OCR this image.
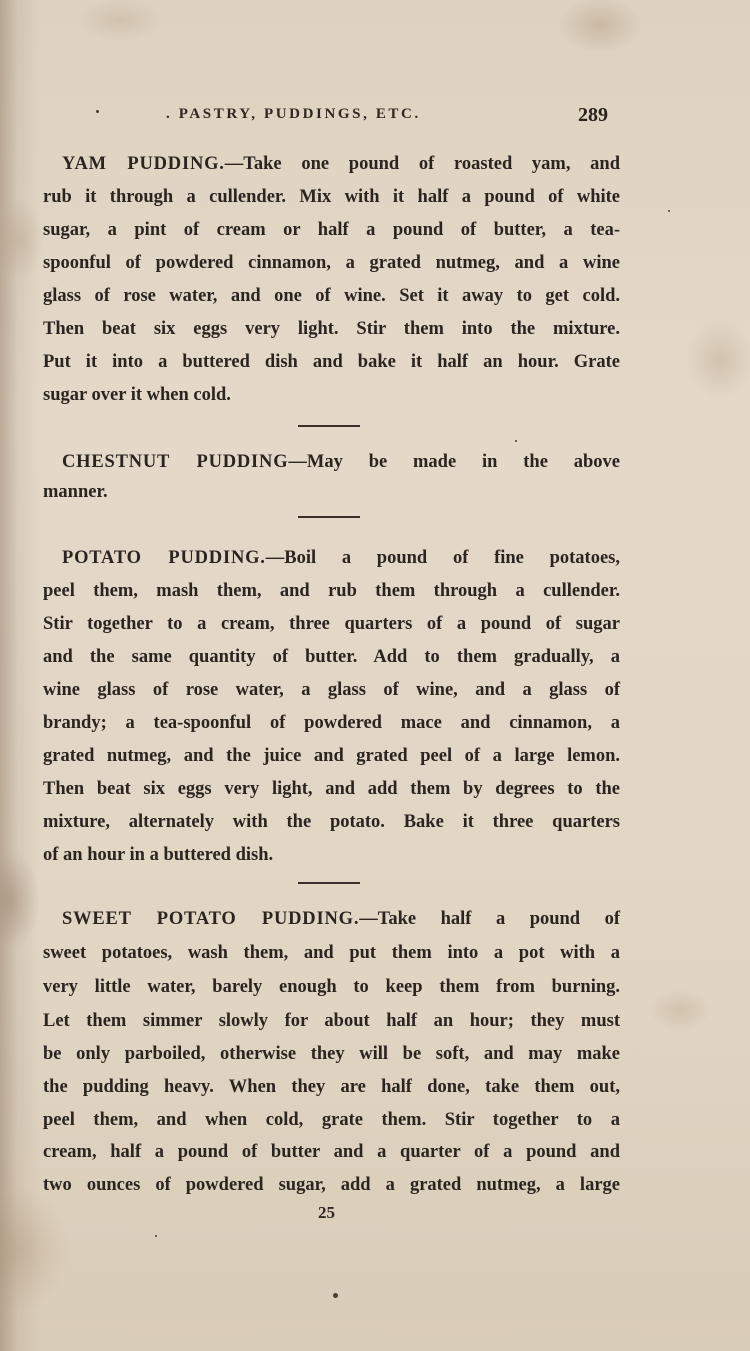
. PASTRY, PUDDINGS, ETC.	289
YAM PUDDING.—Take one pound of roasted yam, and
rub it through a cullender. Mix with it half a pound of white
sugar, a pint of cream or half a pound of butter, a tea-
spoonful of powdered cinnamon, a grated nutmeg, and a wine
glass of rose water, and one of wine. Set it away to get cold.
Then beat six eggs very light. Stir them into the mixture.
Put it into a buttered dish and bake it half an hour. Grate
sugar over it when cold.
CHESTNUT PUDDING—May be made in the above
manner.
POTATO PUDDING.—Boil a pound of fine potatoes,
peel them, mash them, and rub them through a cullender.
Stir together to a cream, three quarters of a pound of sugar
and the same quantity of butter. Add to them gradually, a
wine glass of rose water, a glass of wine, and a glass of
brandy; a tea-spoonful of powdered mace and cinnamon, a
grated nutmeg, and the juice and grated peel of a large lemon.
Then beat six eggs very light, and add them by degrees to the
mixture, alternately with the potato. Bake it three quarters
of an hour in a buttered dish.
SWEET POTATO PUDDING.—Take half a pound of
sweet potatoes, wash them, and put them into a pot with a
very little water, barely enough to keep them from burning.
Let them simmer slowly for about half an hour; they must
be only parboiled, otherwise they will be soft, and may make
the pudding heavy. When they are half done, take them out,
peel them, and when cold, grate them. Stir together to a
cream, half a pound of butter and a quarter of a pound and
two ounces of powdered sugar, add a grated nutmeg, a large
25
